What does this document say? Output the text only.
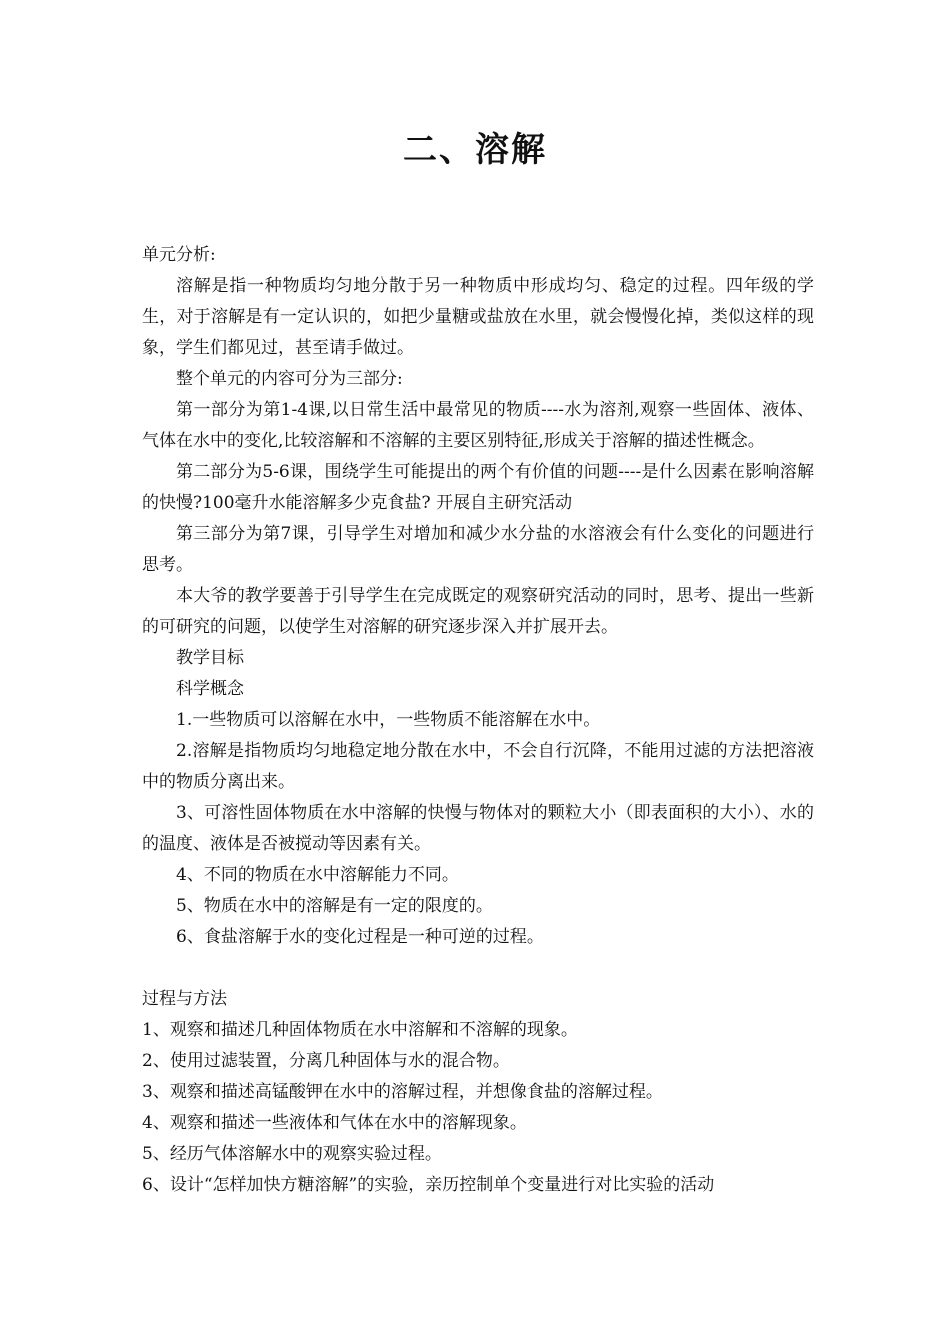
二、溶解

单元分析:

溶解是指一种物质均匀地分散于另一种物质中形成均匀、稳定的过程。四年级的学生，对于溶解是有一定认识的，如把少量糖或盐放在水里，就会慢慢化掉，类似这样的现象，学生们都见过，甚至请手做过。

整个单元的内容可分为三部分:

第一部分为第1-4课,以日常生活中最常见的物质----水为溶剂,观察一些固体、液体、气体在水中的变化,比较溶解和不溶解的主要区别特征,形成关于溶解的描述性概念。

第二部分为5-6课，围绕学生可能提出的两个有价值的问题----是什么因素在影响溶解的快慢?100毫升水能溶解多少克食盐? 开展自主研究活动

第三部分为第7课，引导学生对增加和减少水分盐的水溶液会有什么变化的问题进行思考。

本大爷的教学要善于引导学生在完成既定的观察研究活动的同时，思考、提出一些新的可研究的问题，以使学生对溶解的研究逐步深入并扩展开去。

教学目标

科学概念

1.一些物质可以溶解在水中，一些物质不能溶解在水中。

2.溶解是指物质均匀地稳定地分散在水中，不会自行沉降，不能用过滤的方法把溶液中的物质分离出来。

3、可溶性固体物质在水中溶解的快慢与物体对的颗粒大小（即表面积的大小）、水的的温度、液体是否被搅动等因素有关。

4、不同的物质在水中溶解能力不同。

5、物质在水中的溶解是有一定的限度的。

6、食盐溶解于水的变化过程是一种可逆的过程。

过程与方法

1、观察和描述几种固体物质在水中溶解和不溶解的现象。

2、使用过滤装置，分离几种固体与水的混合物。

3、观察和描述高锰酸钾在水中的溶解过程，并想像食盐的溶解过程。

4、观察和描述一些液体和气体在水中的溶解现象。

5、经历气体溶解水中的观察实验过程。

6、设计“怎样加快方糖溶解”的实验，亲历控制单个变量进行对比实验的活动
